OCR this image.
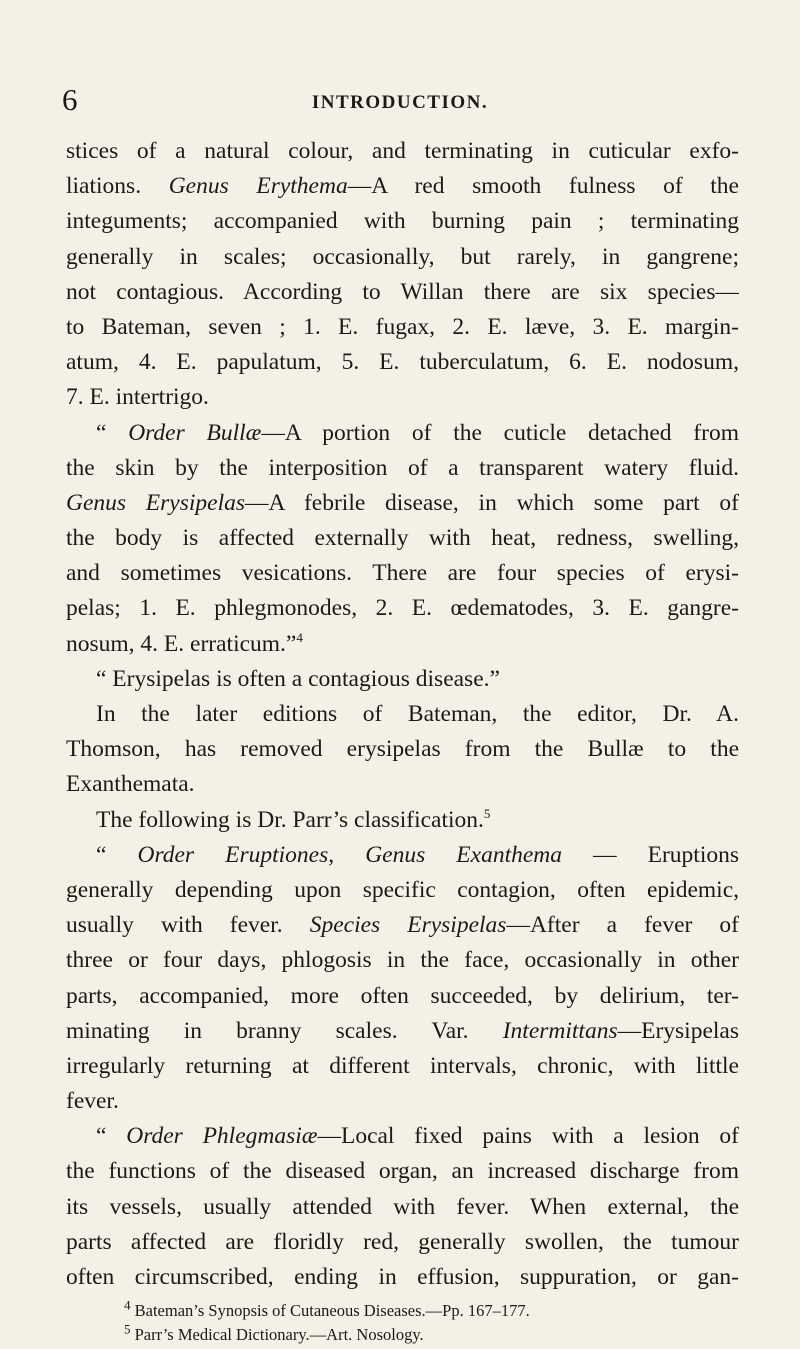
6	INTRODUCTION.
stices of a natural colour, and terminating in cuticular exfo-
liations. Genus Erythema—A red smooth fulness of the
integuments; accompanied with burning pain ; terminating
generally in scales; occasionally, but rarely, in gangrene;
not contagious. According to Willan there are six species—
to Bateman, seven ; 1. E. fugax, 2. E. læve, 3. E. margin-
atum, 4. E. papulatum, 5. E. tuberculatum, 6. E. nodosum,
7. E. intertrigo.
“ Order Bullæ—A portion of the cuticle detached from
the skin by the interposition of a transparent watery fluid.
Genus Erysipelas—A febrile disease, in which some part of
the body is affected externally with heat, redness, swelling,
and sometimes vesications. There are four species of erysi-
pelas; 1. E. phlegmonodes, 2. E. œdematodes, 3. E. gangre-
nosum, 4. E. erraticum.”$^4$
“ Erysipelas is often a contagious disease.”
In the later editions of Bateman, the editor, Dr. A.
Thomson, has removed erysipelas from the Bullæ to the
Exanthemata.
The following is Dr. Parr’s classification.$^5$
“ Order Eruptiones, Genus Exanthema — Eruptions
generally depending upon specific contagion, often epidemic,
usually with fever. Species Erysipelas—After a fever of
three or four days, phlogosis in the face, occasionally in other
parts, accompanied, more often succeeded, by delirium, ter-
minating in branny scales. Var. Intermittans—Erysipelas
irregularly returning at different intervals, chronic, with little
fever.
“ Order Phlegmasiæ—Local fixed pains with a lesion of
the functions of the diseased organ, an increased discharge from
its vessels, usually attended with fever. When external, the
parts affected are floridly red, generally swollen, the tumour
often circumscribed, ending in effusion, suppuration, or gan-
$^4$ Bateman’s Synopsis of Cutaneous Diseases.—Pp. 167–177.
$^5$ Parr’s Medical Dictionary.—Art. Nosology.
